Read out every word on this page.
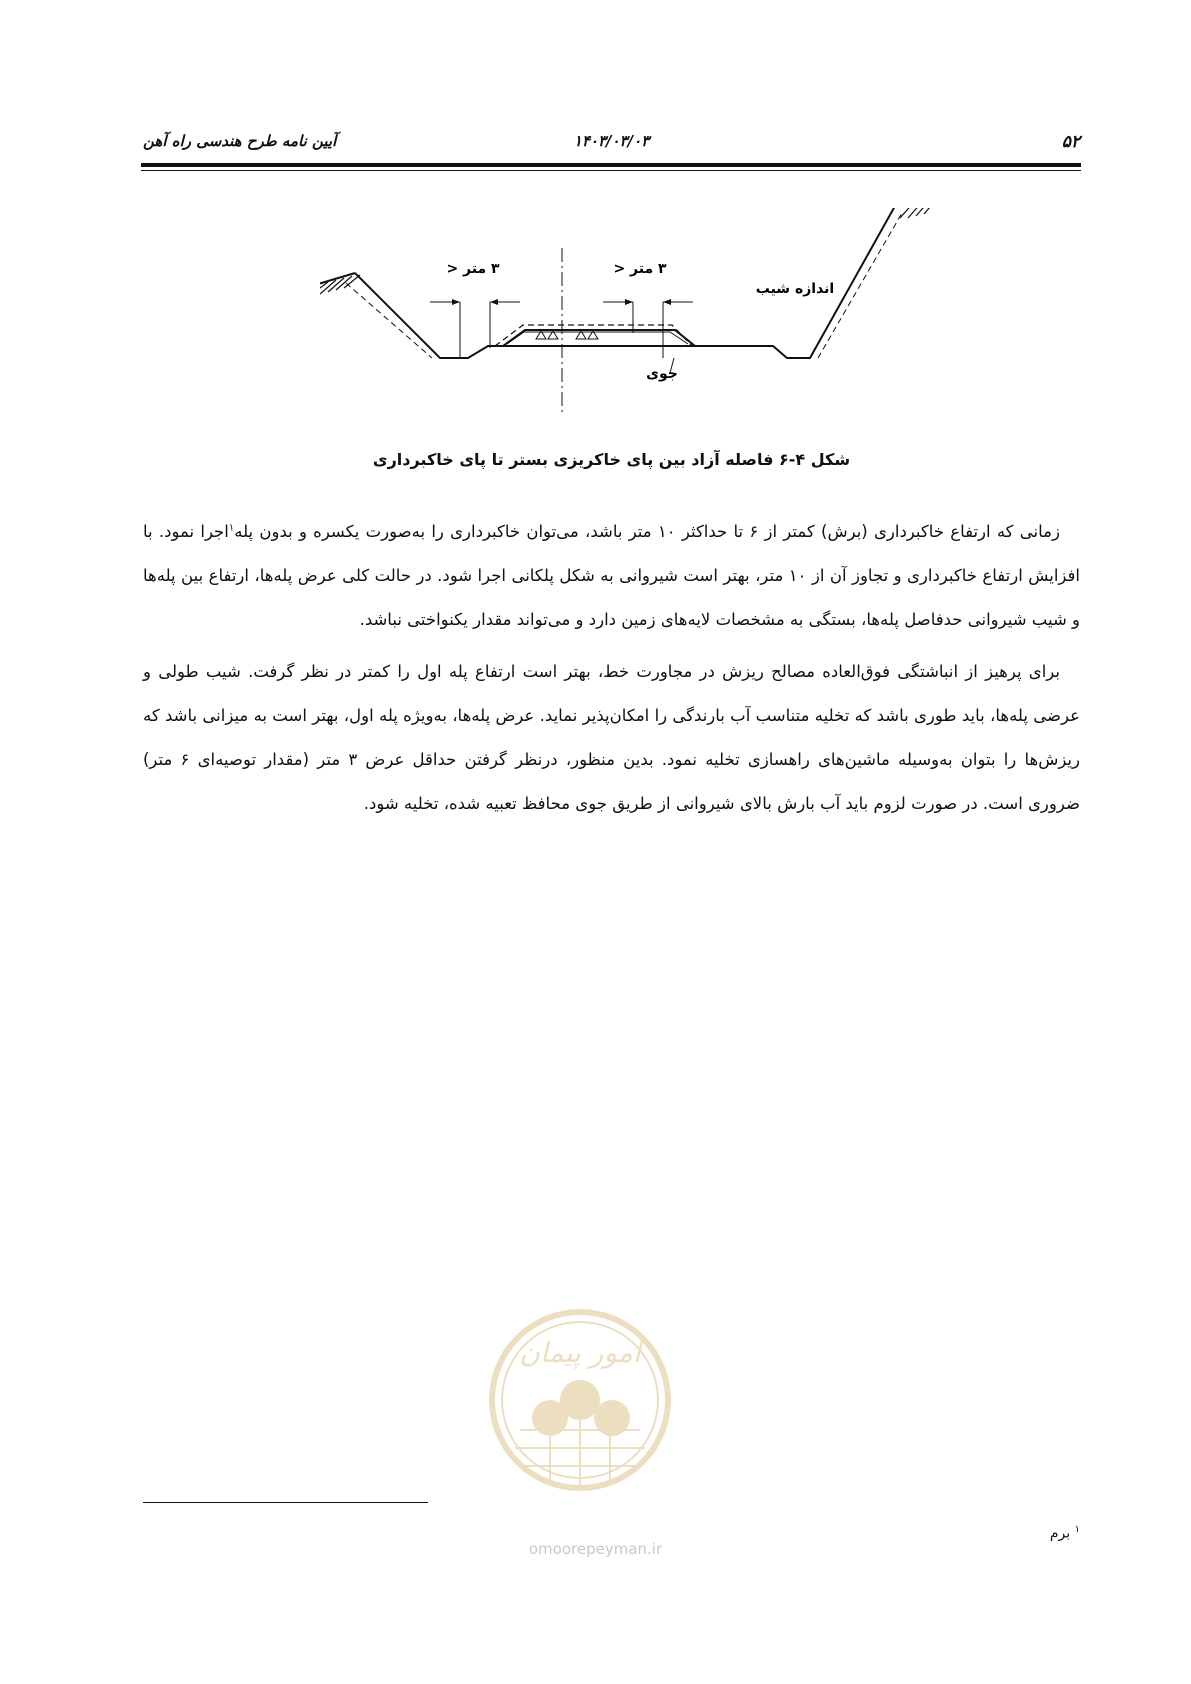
۵۲
۱۴۰۳/۰۳/۰۳
آیین نامه طرح هندسی راه آهن
۳ متر <	۳ متر <
اندازه شیب
جوی
شکل ۴-۶ فاصله آزاد بین پای خاکریزی بستر تا پای خاکبرداری

زمانی که ارتفاع خاکبرداری (برش) کمتر از ۶ تا حداکثر ۱۰ متر باشد، می‌توان خاکبرداری را به‌صورت یکسره و بدون پله$^۱$اجرا نمود. با افزایش ارتفاع خاکبرداری و تجاوز آن از ۱۰ متر، بهتر است شیروانی به شکل پلکانی اجرا شود. در حالت کلی عرض پله‌ها، ارتفاع بین پله‌ها و شیب شیروانی حدفاصل پله‌ها، بستگی به مشخصات لایه‌های زمین دارد و می‌تواند مقدار یکنواختی نباشد.

برای پرهیز از انباشتگی فوق‌العاده مصالح ریزش در مجاورت خط، بهتر است ارتفاع پله اول را کمتر در نظر گرفت. شیب طولی و عرضی پله‌ها، باید طوری باشد که تخلیه متناسب آب بارندگی را امکان‌پذیر نماید. عرض پله‌ها، به‌ویژه پله اول، بهتر است به میزانی باشد که ریزش‌ها را بتوان به‌وسیله ماشین‌های راهسازی تخلیه نمود. بدین منظور، درنظر گرفتن حداقل عرض ۳ متر (مقدار توصیه‌ای ۶ متر) ضروری است. در صورت لزوم باید آب بارش بالای شیروانی از طریق جوی محافظ تعبیه شده، تخلیه شود.

امور پیمان
omoorepeyman.ir
$^۱$ برم
